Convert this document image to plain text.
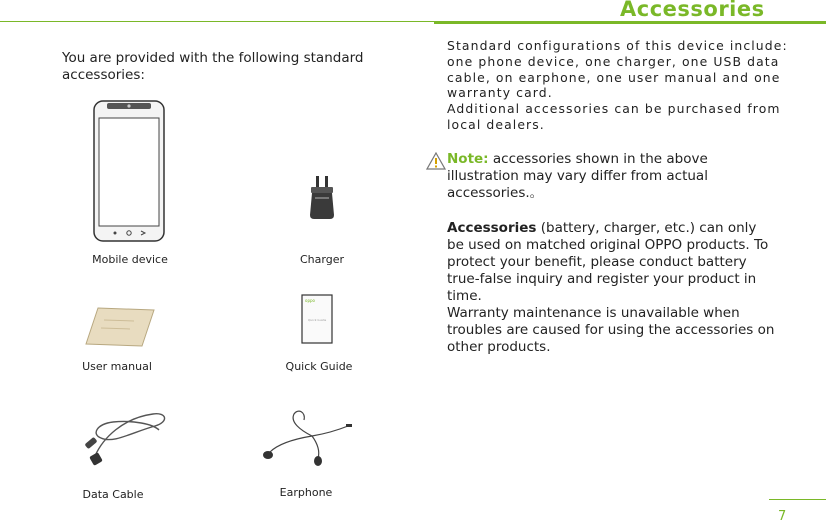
Accessories
You are provided with the following standard accessories:
Mobile device	Charger
User manual
oppo
Quick Guide
Quick Guide
Data Cable	Earphone
Standard configurations of this device include: one phone device, one charger, one USB data cable, on earphone, one user manual and one warranty card.
Additional accessories can be purchased from local dealers.
Note: accessories shown in the above illustration may vary differ from actual accessories.。
Accessories (battery, charger, etc.) can only be used on matched original OPPO products. To protect your benefit, please conduct battery true-false inquiry and register your product in time.
Warranty maintenance is unavailable when troubles are caused for using the accessories on other products.
7
